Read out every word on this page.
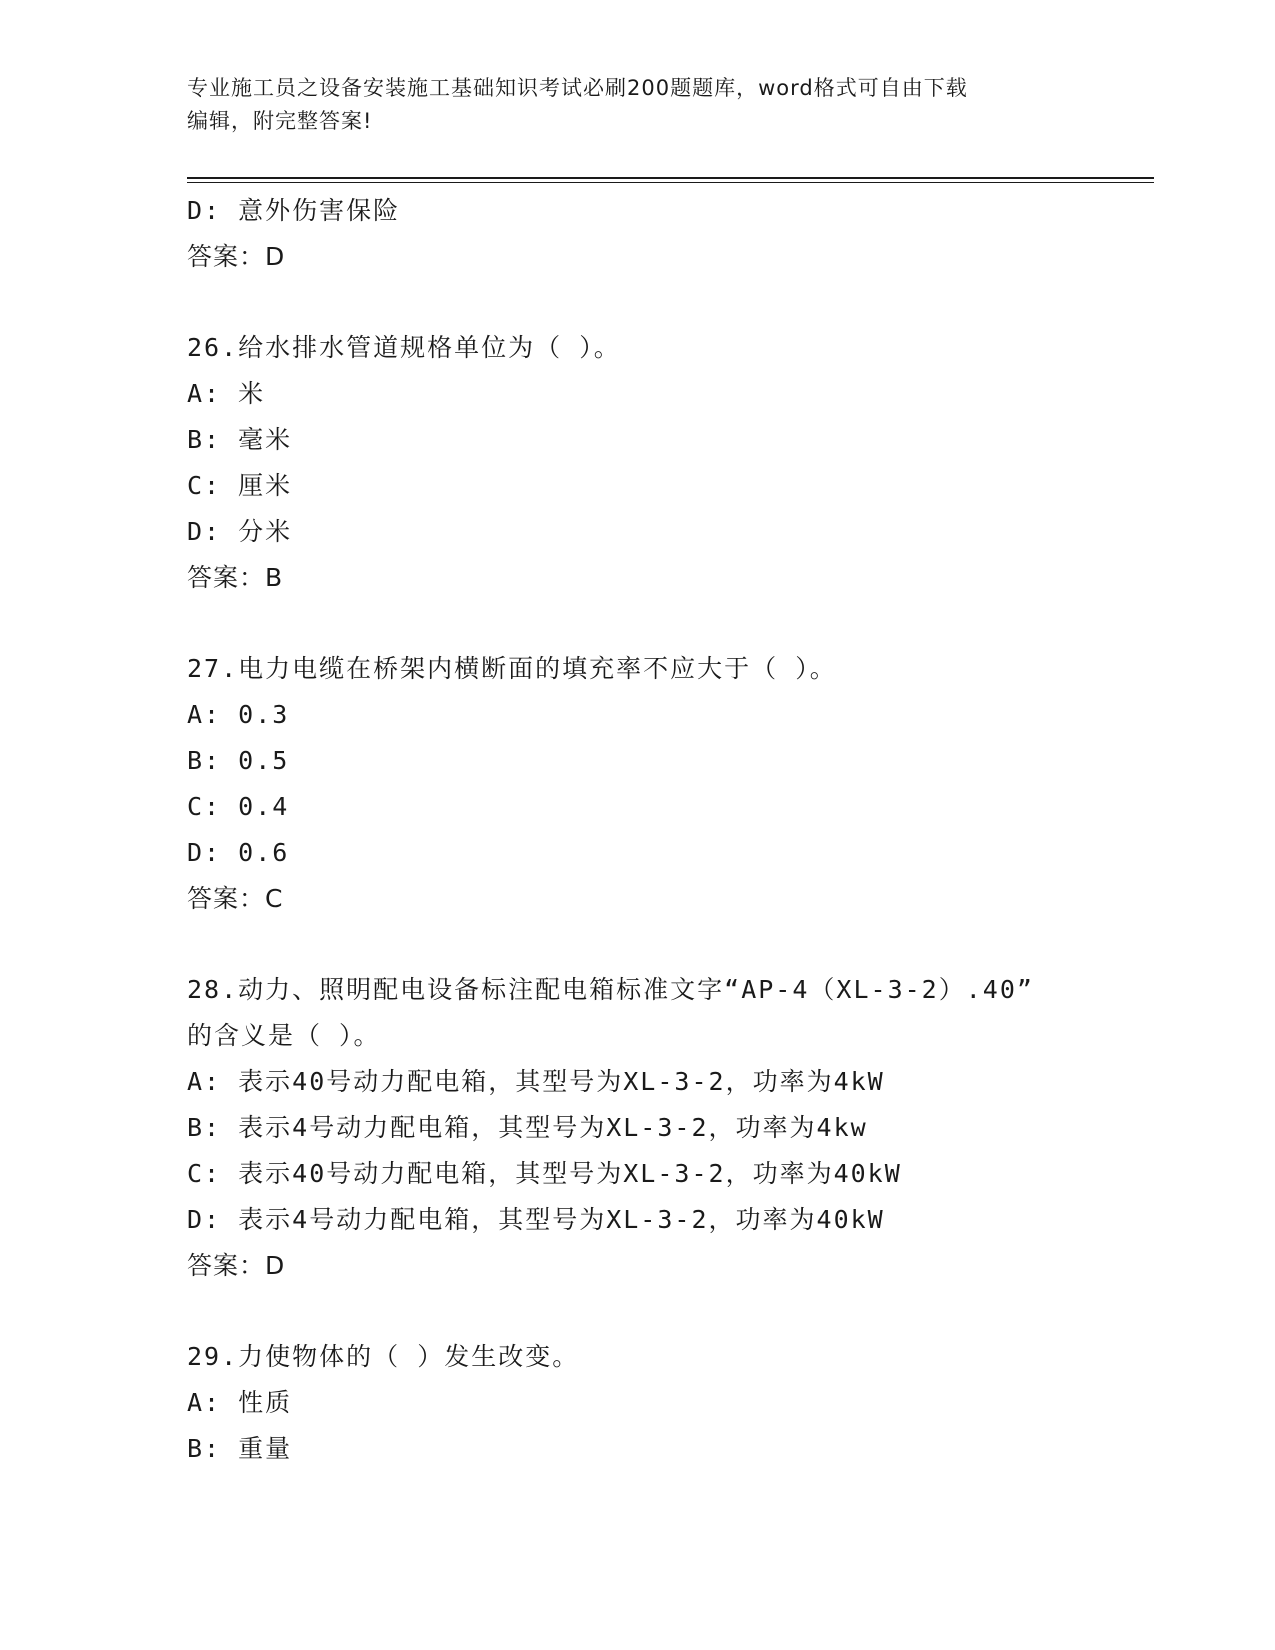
专业施工员之设备安装施工基础知识考试必刷200题题库，word格式可自由下载
编辑，附完整答案!
D: 意外伤害保险
答案：D
26.给水排水管道规格单位为（ ）。
A: 米
B: 毫米
C: 厘米
D: 分米
答案：B
27.电力电缆在桥架内横断面的填充率不应大于（ ）。
A: 0.3
B: 0.5
C: 0.4
D: 0.6
答案：C
28.动力、照明配电设备标注配电箱标准文字“AP-4（XL-3-2）.40”
的含义是（ ）。
A: 表示40号动力配电箱，其型号为XL-3-2，功率为4kW
B: 表示4号动力配电箱，其型号为XL-3-2，功率为4kw
C: 表示40号动力配电箱，其型号为XL-3-2，功率为40kW
D: 表示4号动力配电箱，其型号为XL-3-2，功率为40kW
答案：D
29.力使物体的（ ）发生改变。
A: 性质
B: 重量
